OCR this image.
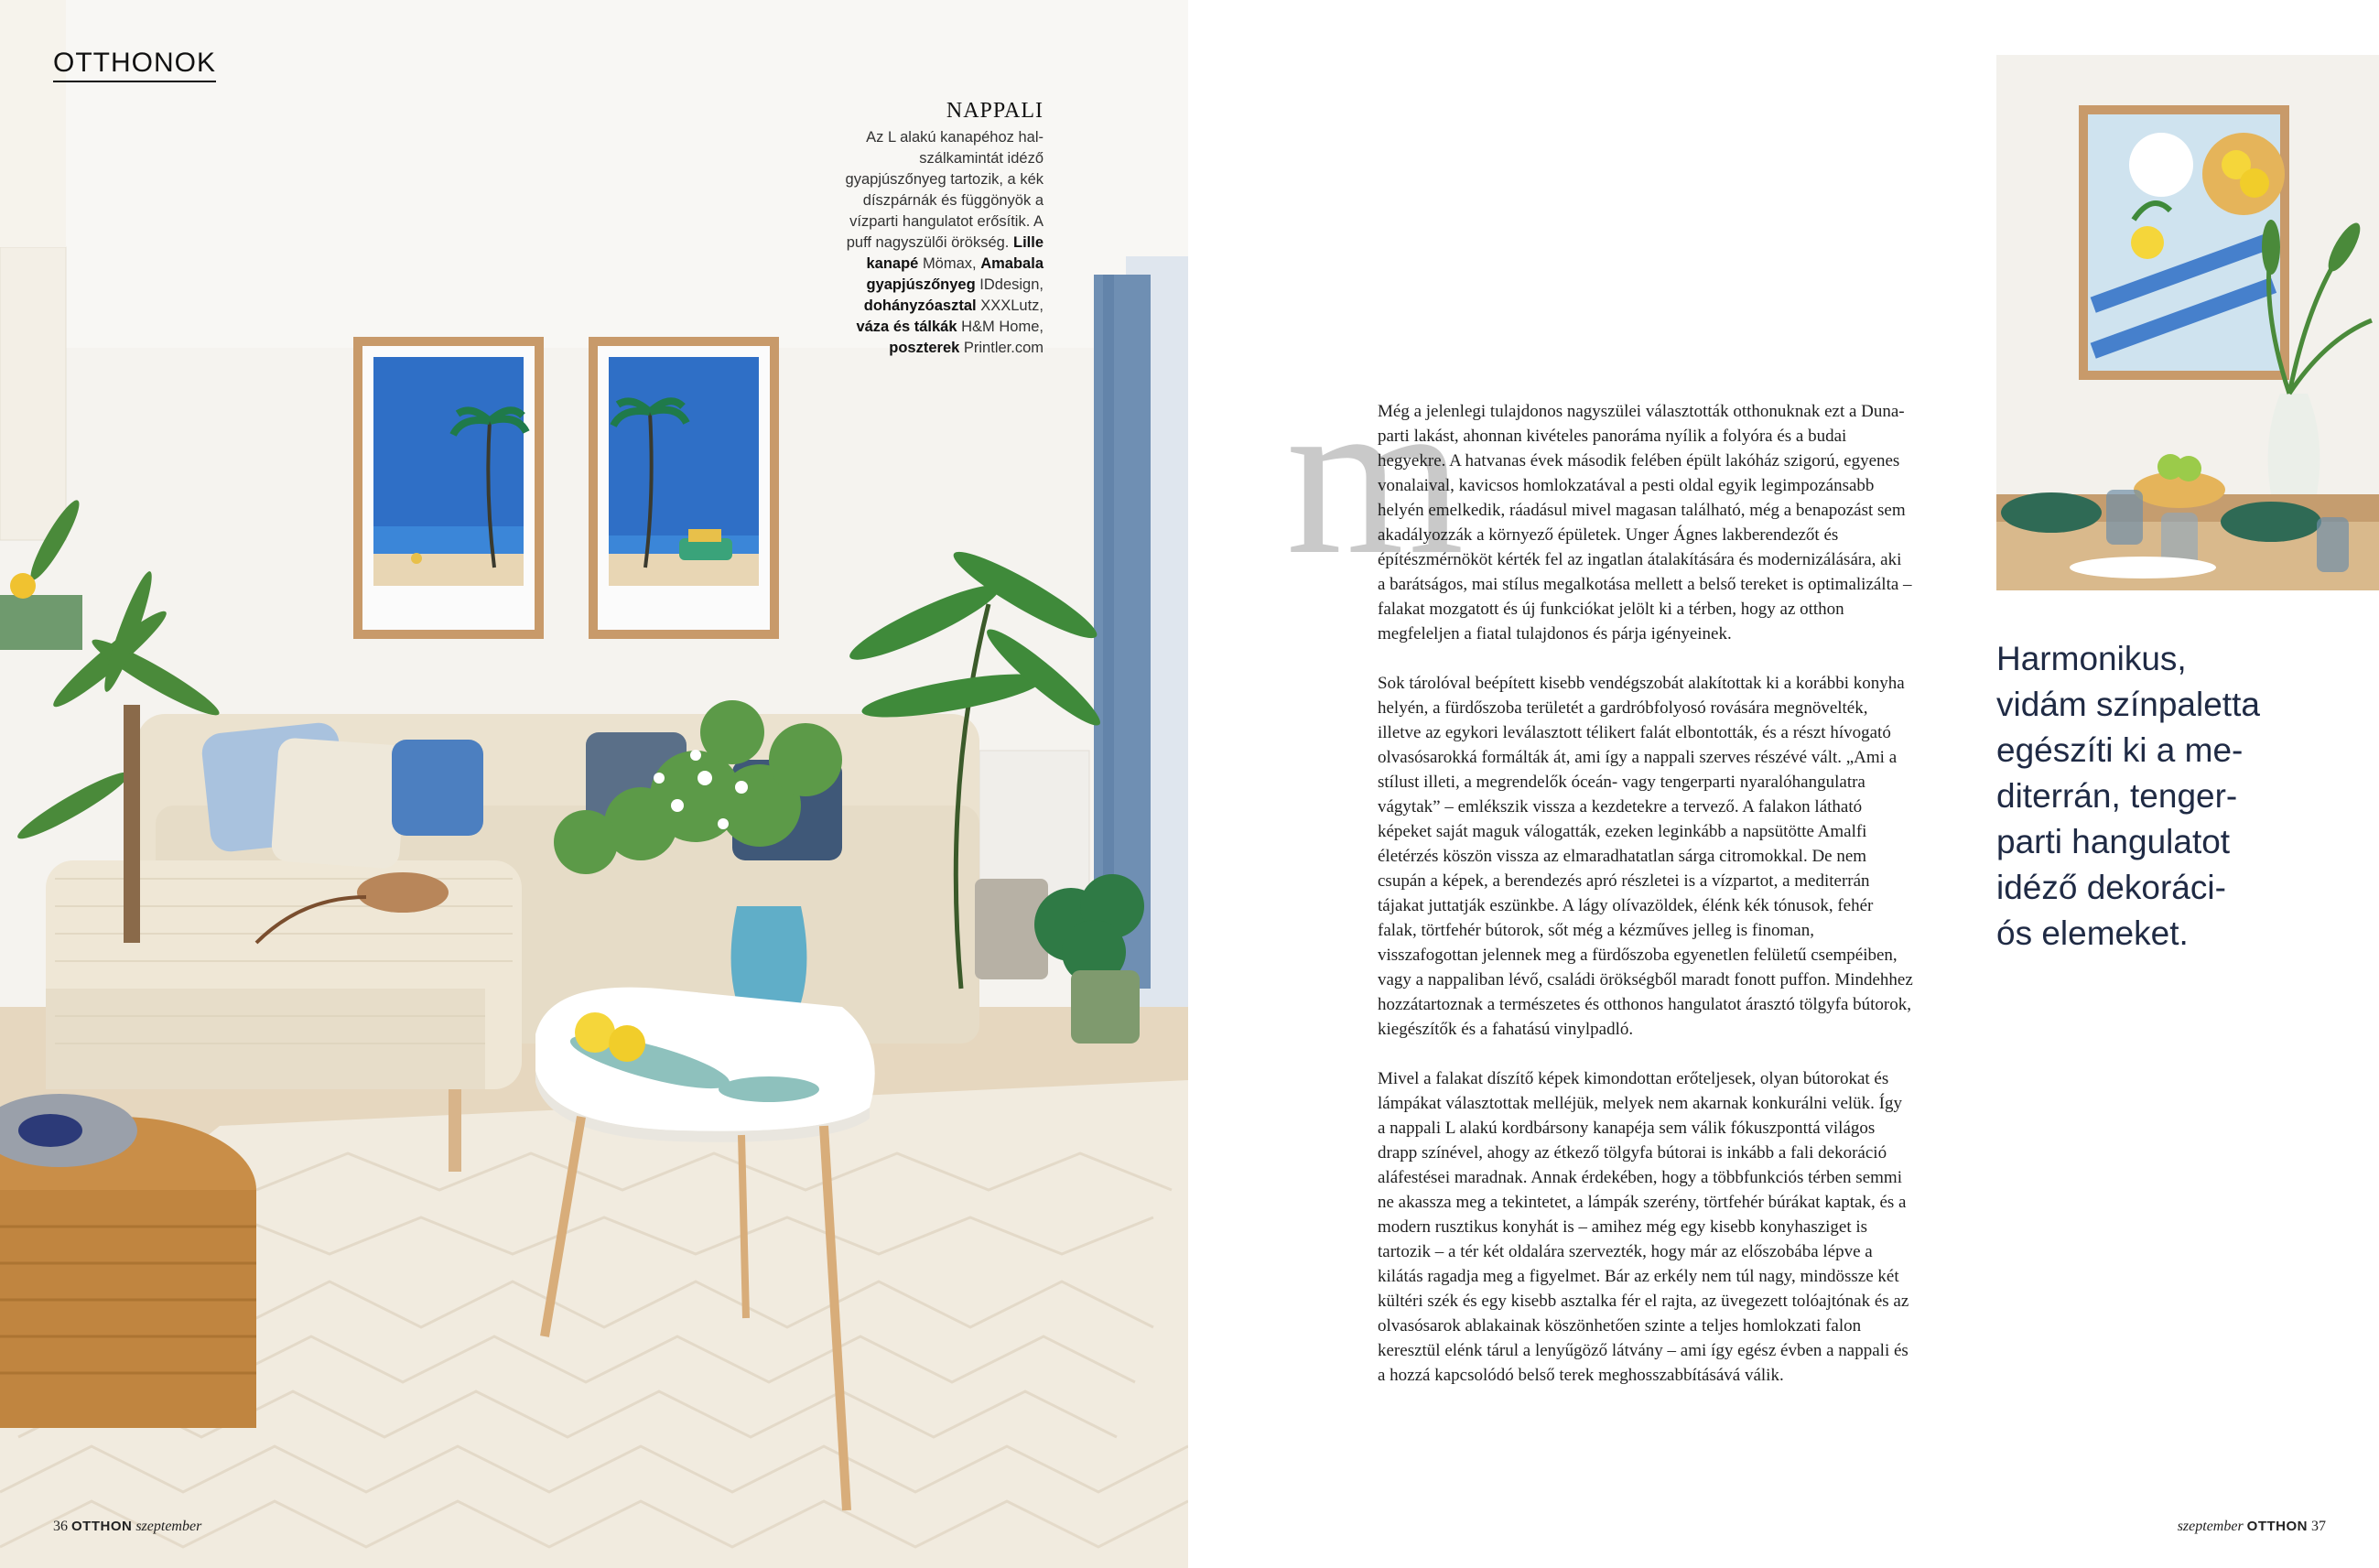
OTTHONOK
NAPPALI
Az L alakú kanapéhoz hal-szálkamintát idéző gyapjúszőnyeg tartozik, a kék díszpárnák és függönyök a vízparti hangulatot erősítik. A puff nagyszülői örökség. Lille kanapé Mömax, Amabala gyapjúszőnyeg IDdesign, dohányzóasztal XXXLutz, váza és tálkák H&M Home, poszterek Printler.com
36 OTTHON szeptember
m

Még a jelenlegi tulajdonos nagyszülei választották otthonuknak ezt a Duna-parti lakást, ahonnan kivételes panoráma nyílik a folyóra és a budai hegyekre. A hatvanas évek második felében épült lakóház szigorú, egyenes vonalaival, kavicsos homlokzatával a pesti oldal egyik legimpozánsabb helyén emelkedik, ráadásul mivel magasan található, még a benapozást sem akadályozzák a környező épületek. Unger Ágnes lakberendezőt és építészmérnököt kérték fel az ingatlan átalakítására és modernizálására, aki a barátságos, mai stílus megalkotása mellett a belső tereket is optimalizálta – falakat mozgatott és új funkciókat jelölt ki a térben, hogy az otthon megfeleljen a fiatal tulajdonos és párja igényeinek.

Sok tárolóval beépített kisebb vendégszobát alakítottak ki a korábbi konyha helyén, a fürdőszoba területét a gardróbfolyosó rovására megnövelték, illetve az egykori leválasztott télikert falát elbontották, és a részt hívogató olvasósarokká formálták át, ami így a nappali szerves részévé vált. „Ami a stílust illeti, a megrendelők óceán- vagy tengerparti nyaralóhangulatra vágytak” – emlékszik vissza a kezdetekre a tervező. A falakon látható képeket saját maguk válogatták, ezeken leginkább a napsütötte Amalfi életérzés köszön vissza az elmaradhatatlan sárga citromokkal. De nem csupán a képek, a berendezés apró részletei is a vízpartot, a mediterrán tájakat juttatják eszünkbe. A lágy olívazöldek, élénk kék tónusok, fehér falak, törtfehér bútorok, sőt még a kézműves jelleg is finoman, visszafogottan jelennek meg a fürdőszoba egyenetlen felületű csempéiben, vagy a nappaliban lévő, családi örökségből maradt fonott puffon. Mindehhez hozzátartoznak a természetes és otthonos hangulatot árasztó tölgyfa bútorok, kiegészítők és a fahatású vinylpadló.

Mivel a falakat díszítő képek kimondottan erőteljesek, olyan bútorokat és lámpákat választottak melléjük, melyek nem akarnak konkurálni velük. Így a nappali L alakú kordbársony kanapéja sem válik fókuszponttá világos drapp színével, ahogy az étkező tölgyfa bútorai is inkább a fali dekoráció aláfestései maradnak. Annak érdekében, hogy a többfunkciós térben semmi ne akassza meg a tekintetet, a lámpák szerény, törtfehér búrákat kaptak, és a modern rusztikus konyhát is – amihez még egy kisebb konyhasziget is tartozik – a tér két oldalára szervezték, hogy már az előszobába lépve a kilátás ragadja meg a figyelmet. Bár az erkély nem túl nagy, mindössze két kültéri szék és egy kisebb asztalka fér el rajta, az üvegezett tolóajtónak és az olvasósarok ablakainak köszönhetően szinte a teljes homlokzati falon keresztül elénk tárul a lenyűgöző látvány – ami így egész évben a nappali és a hozzá kapcsolódó belső terek meghosszabbításává válik.

Harmonikus,
vidám színpaletta
egészíti ki a me-
diterrán, tenger-
parti hangulatot
idéző dekoráci-
ós elemeket.
szeptember OTTHON 37
